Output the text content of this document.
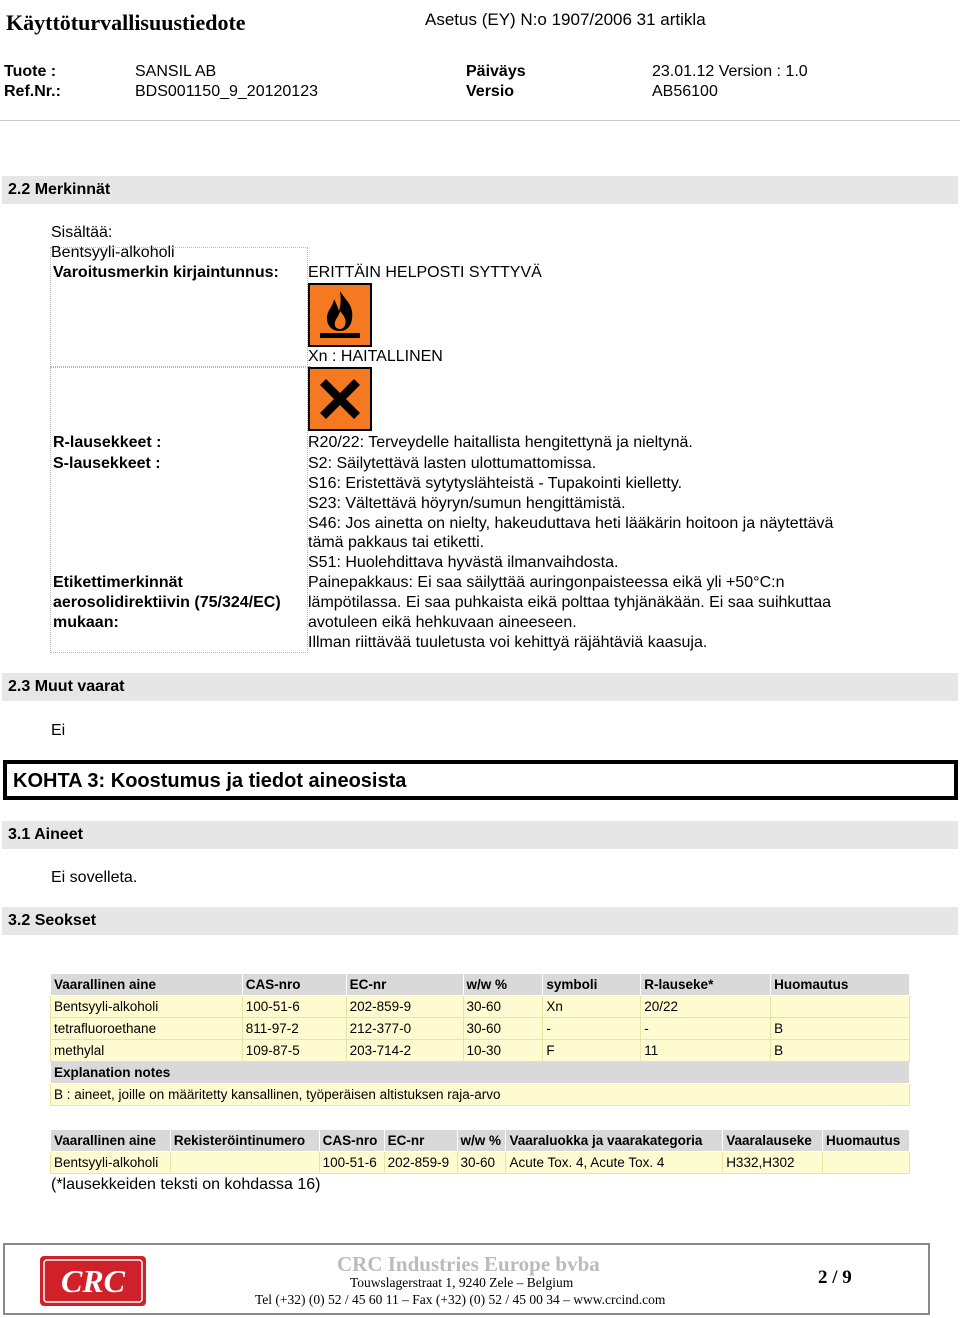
Käyttöturvallisuustiedote	Asetus (EY) N:o 1907/2006 31 artikla
Tuote :	SANSIL AB	Päiväys	23.01.12 Version : 1.0
Ref.Nr.:	BDS001150_9_20120123	Versio	AB56100
2.2 Merkinnät
Sisältää:
Bentsyyli-alkoholi
Varoitusmerkin kirjaintunnus: ERITTÄIN HELPOSTI SYTTYVÄ
Xn : HAITALLINEN
R-lausekkeet :	R20/22: Terveydelle haitallista hengitettynä ja nieltynä.
S-lausekkeet :	S2: Säilytettävä lasten ulottumattomissa.
S16: Eristettävä sytytyslähteistä - Tupakointi kielletty.
S23: Vältettävä höyryn/sumun hengittämistä.
S46: Jos ainetta on nielty, hakeuduttava heti lääkärin hoitoon ja näytettävä
tämä pakkaus tai etiketti.
S51: Huolehdittava hyvästä ilmanvaihdosta.
Etikettimerkinnät
aerosolidirektiivin (75/324/EC)
mukaan:
Painepakkaus: Ei saa säilyttää auringonpaisteessa eikä yli +50°C:n
lämpötilassa. Ei saa puhkaista eikä polttaa tyhjänäkään. Ei saa suihkuttaa
avotuleen eikä hehkuvaan aineeseen.
Illman riittävää tuuletusta voi kehittyä räjähtäviä kaasuja.
2.3 Muut vaarat
Ei
KOHTA 3: Koostumus ja tiedot aineosista
3.1 Aineet
Ei sovelleta.
3.2 Seokset
Vaarallinen aine	CAS-nro	EC-nr	w/w %	symboli	R-lauseke*	Huomautus
Bentsyyli-alkoholi	100-51-6	202-859-9	30-60	Xn	20/22	
tetrafluoroethane	811-97-2	212-377-0	30-60	-	-	B
methylal	109-87-5	203-714-2	10-30	F	11	B
Explanation notes						
B : aineet, joille on määritetty kansallinen, työperäisen altistuksen raja-arvo						
Vaarallinen aine	Rekisteröintinumero	CAS-nro	EC-nr	w/w %	Vaaraluokka ja vaarakategoria	Vaaralauseke	Huomautus
Bentsyyli-alkoholi		100-51-6	202-859-9	30-60	Acute Tox. 4, Acute Tox. 4	H332,H302	
(*lausekkeiden teksti on kohdassa 16)
CRC	CRC Industries Europe bvba
Touwslagerstraat 1, 9240 Zele – Belgium
Tel (+32) (0) 52 / 45 60 11 – Fax (+32) (0) 52 / 45 00 34 – www.crcind.com
2 / 9
